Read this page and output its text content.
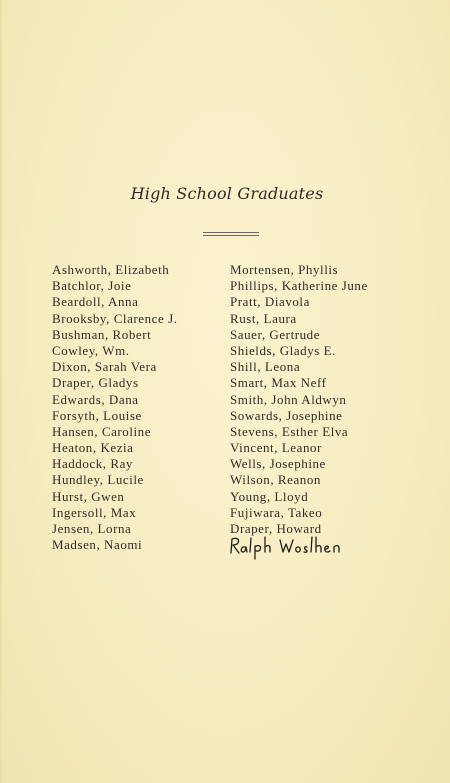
High School Graduates
Ashworth, Elizabeth
Batchlor, Joie
Beardoll, Anna
Brooksby, Clarence J.
Bushman, Robert
Cowley, Wm.
Dixon, Sarah Vera
Draper, Gladys
Edwards, Dana
Forsyth, Louise
Hansen, Caroline
Heaton, Kezia
Haddock, Ray
Hundley, Lucile
Hurst, Gwen
Ingersoll, Max
Jensen, Lorna
Madsen, Naomi
Mortensen, Phyllis
Phillips, Katherine June
Pratt, Diavola
Rust, Laura
Sauer, Gertrude
Shields, Gladys E.
Shill, Leona
Smart, Max Neff
Smith, John Aldwyn
Sowards, Josephine
Stevens, Esther Elva
Vincent, Leanor
Wells, Josephine
Wilson, Reanon
Young, Lloyd
Fujiwara, Takeo
Draper, Howard
